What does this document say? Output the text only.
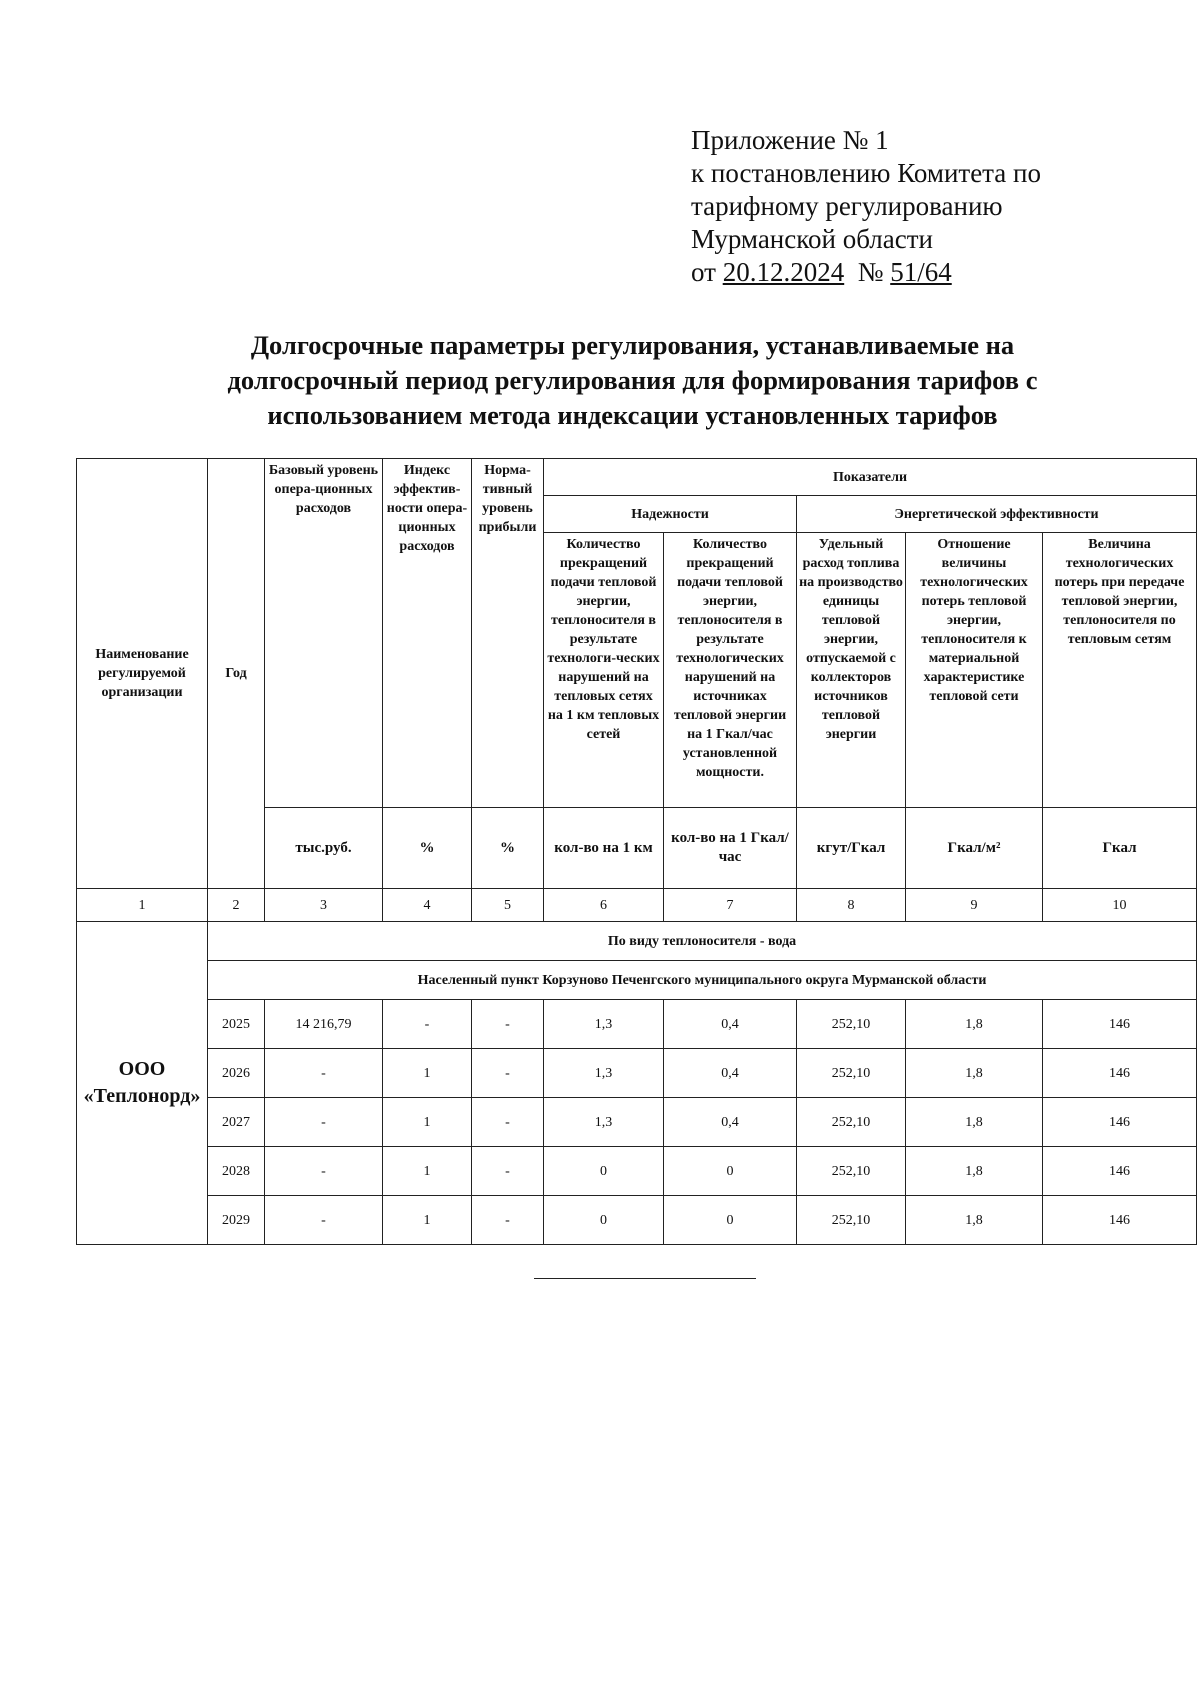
Приложение № 1
к постановлению Комитета по
тарифному регулированию
Мурманской области
от 20.12.2024 № 51/64
Долгосрочные параметры регулирования, устанавливаемые на
долгосрочный период регулирования для формирования тарифов с
использованием метода индексации установленных тарифов
Наименование регулируемой организации	Год	Базовый уровень опера-ционных расходов	Индекс эффектив-ности опера-ционных расходов	Норма-тивный уровень прибыли	Показатели				
					Надежности		Энергетической эффективности		
					Количество прекращений подачи тепловой энергии, теплоносителя в результате технологи-ческих нарушений на тепловых сетях на 1 км тепловых сетей	Количество прекращений подачи тепловой энергии, теплоносителя в результате технологических нарушений на источниках тепловой энергии на 1 Гкал/час установленной мощности.	Удельный расход топлива на производство единицы тепловой энергии, отпускаемой с коллекторов источников тепловой энергии	Отношение величины технологических потерь тепловой энергии, теплоносителя к материальной характеристике тепловой сети	Величина технологических потерь при передаче тепловой энергии, теплоносителя по тепловым сетям
		тыс.руб.	%	%	кол-во на 1 км	кол-во на 1 Гкал/час	кгут/Гкал	Гкал/м²	Гкал
1	2	3	4	5	6	7	8	9	10
ООО «Теплонорд»	По виду теплоносителя - вода								
	Населенный пункт Корзуново Печенгского муниципального округа Мурманской области								
	2025	14 216,79	-	-	1,3	0,4	252,10	1,8	146
	2026	-	1	-	1,3	0,4	252,10	1,8	146
	2027	-	1	-	1,3	0,4	252,10	1,8	146
	2028	-	1	-	0	0	252,10	1,8	146
	2029	-	1	-	0	0	252,10	1,8	146
